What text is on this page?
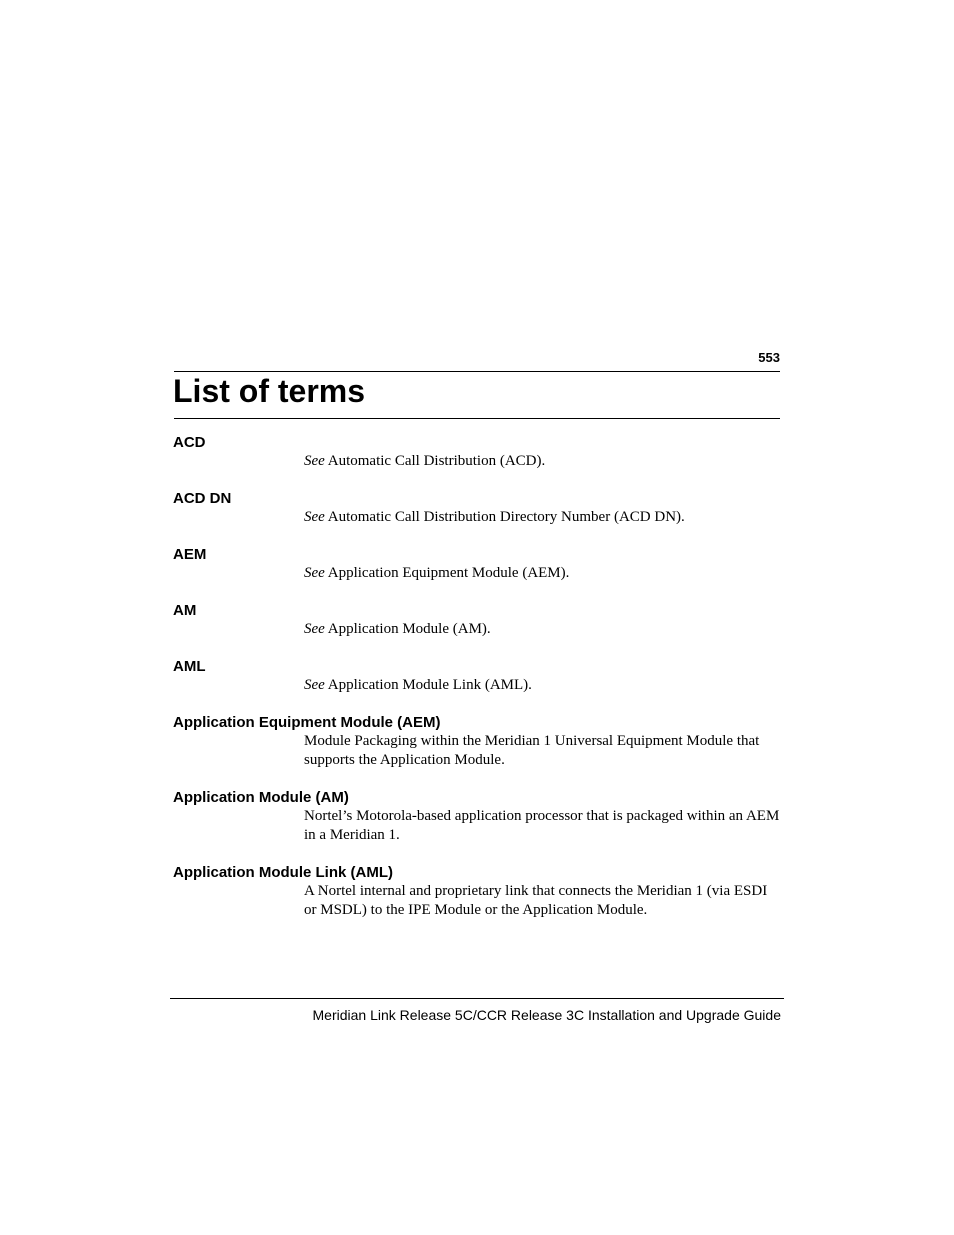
553
List of terms
ACD
See Automatic Call Distribution (ACD).
ACD DN
See Automatic Call Distribution Directory Number (ACD DN).
AEM
See Application Equipment Module (AEM).
AM
See Application Module (AM).
AML
See Application Module Link (AML).
Application Equipment Module (AEM)
Module Packaging within the Meridian 1 Universal Equipment Module that supports the Application Module.
Application Module (AM)
Nortel’s Motorola-based application processor that is packaged within an AEM in a Meridian 1.
Application Module Link (AML)
A Nortel internal and proprietary link that connects the Meridian 1 (via ESDI or MSDL) to the IPE Module or the Application Module.
Meridian Link Release 5C/CCR Release 3C Installation and Upgrade Guide
